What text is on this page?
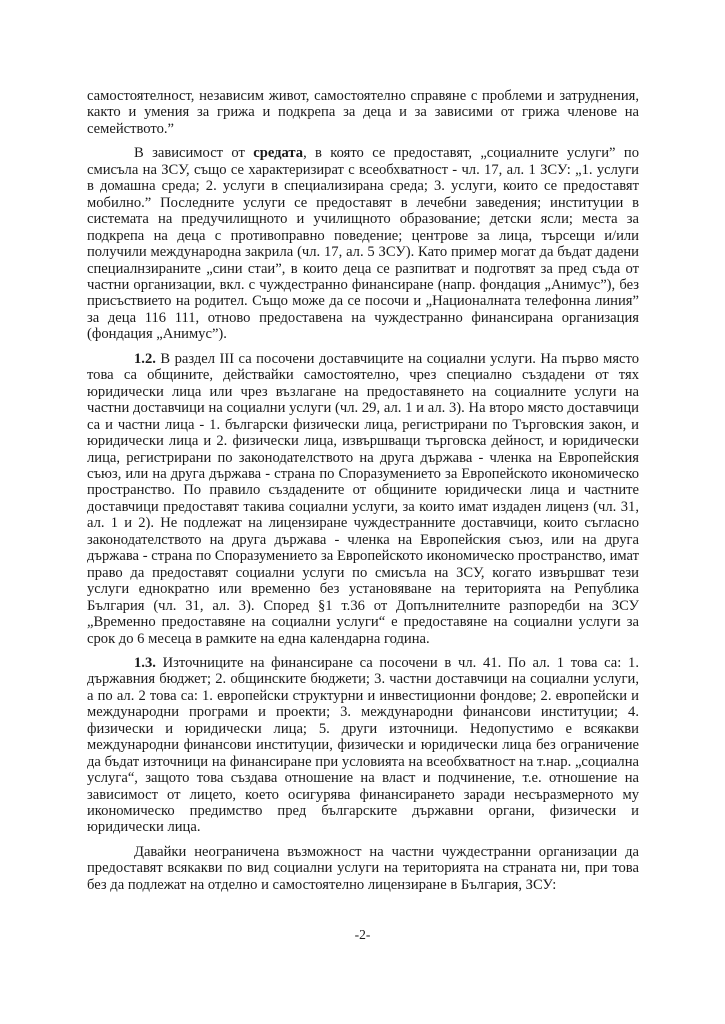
самостоятелност, независим живот, самостоятелно справяне с проблеми и затруднения, както и умения за грижа и подкрепа за деца и за зависими от грижа членове на семейството.”

В зависимост от средата, в която се предоставят, „социалните услуги” по смисъла на ЗСУ, също се характеризират с всеобхватност - чл. 17, ал. 1 ЗСУ: „1. услуги в домашна среда; 2. услуги в специализирана среда; 3. услуги, които се предоставят мобилно.” Последните услуги се предоставят в лечебни заведения; институции в системата на предучилищното и училищното образование; детски ясли; места за подкрепа на деца с противоправно поведение; центрове за лица, търсещи и/или получили международна закрила (чл. 17, ал. 5 ЗСУ). Като пример могат да бъдат дадени специалнзираните „сини стаи”, в които деца се разпитват и подготвят за пред съда от частни организации, вкл. с чуждестранно финансиране (напр. фондация „Анимус”), без присъствието на родител. Също може да се посочи и „Националната телефонна линия” за деца 116 111, отново предоставена на чуждестранно финансирана организация (фондация „Анимус”).

1.2. В раздел III са посочени доставчиците на социални услуги. На първо място това са общините, действайки самостоятелно, чрез специално създадени от тях юридически лица или чрез възлагане на предоставянето на социалните услуги на частни доставчици на социални услуги (чл. 29, ал. 1 и ал. 3). На второ място доставчици са и частни лица - 1. български физически лица, регистрирани по Търговския закон, и юридически лица и 2. физически лица, извършващи търговска дейност, и юридически лица, регистрирани по законодателството на друга държава - членка на Европейския съюз, или на друга държава - страна по Споразумението за Европейското икономическо пространство. По правило създадените от общините юридически лица и частните доставчици предоставят такива социални услуги, за които имат издаден лиценз (чл. 31, ал. 1 и 2). Не подлежат на лицензиране чуждестранните доставчици, които съгласно законодателството на друга държава - членка на Европейския съюз, или на друга държава - страна по Споразумението за Европейското икономическо пространство, имат право да предоставят социални услуги по смисъла на ЗСУ, когато извършват тези услуги еднократно или временно без установяване на територията на Република България (чл. 31, ал. 3). Според §1 т.36 от Допълнителните разпоредби на ЗСУ „Временно предоставяне на социални услуги“ е предоставяне на социални услуги за срок до 6 месеца в рамките на една календарна година.

1.3. Източниците на финансиране са посочени в чл. 41. По ал. 1 това са: 1. държавния бюджет; 2. общинските бюджети; 3. частни доставчици на социални услуги, а по ал. 2 това са: 1. европейски структурни и инвестиционни фондове; 2. европейски и международни програми и проекти; 3. международни финансови институции; 4. физически и юридически лица; 5. други източници. Недопустимо е всякакви международни финансови институции, физически и юридически лица без ограничение да бъдат източници на финансиране при условията на всеобхватност на т.нар. „социална услуга“, защото това създава отношение на власт и подчинениe, т.е. отношение на зависимост от лицето, което осигурява финансирането заради несъразмерното му икономическо предимство пред българските държавни органи, физически и юридически лица.

Давайки неограничена възможност на частни чуждестранни организации да предоставят всякакви по вид социални услуги на територията на страната ни, при това без да подлежат на отделно и самостоятелно лицензиране в България, ЗСУ:

-2-
